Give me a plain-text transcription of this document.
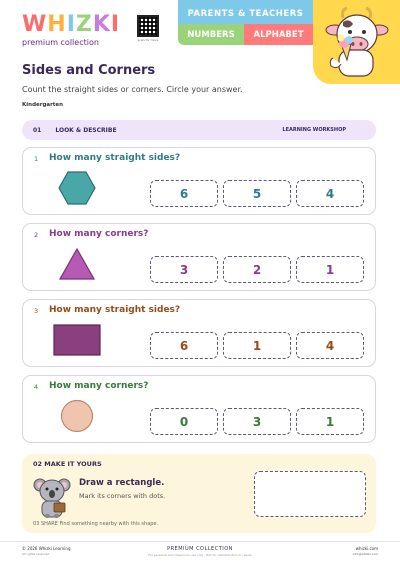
WHIZKI
premium collection	scan for more
PARENTS & TEACHERS
NUMBERS	ALPHABET
Sides and Corners
Count the straight sides or corners. Circle your answer.
Kindergarten
01 LOOK & DESCRIBE	LEARNING WORKSHOP
1 How many straight sides?
6	5	4
2 How many corners?
3	2	1
3 How many straight sides?
6	1	4
4 How many corners?
0	3	1
02 MAKE IT YOURS
Draw a rectangle.
Mark its corners with dots.
03 SHARE Find something nearby with this shape.
© 2026 Whizki Learning
All rights reserved
PREMIUM COLLECTION
For personal and classroom use only · Not for redistribution or resale
whizki.com
info@whizki.com
